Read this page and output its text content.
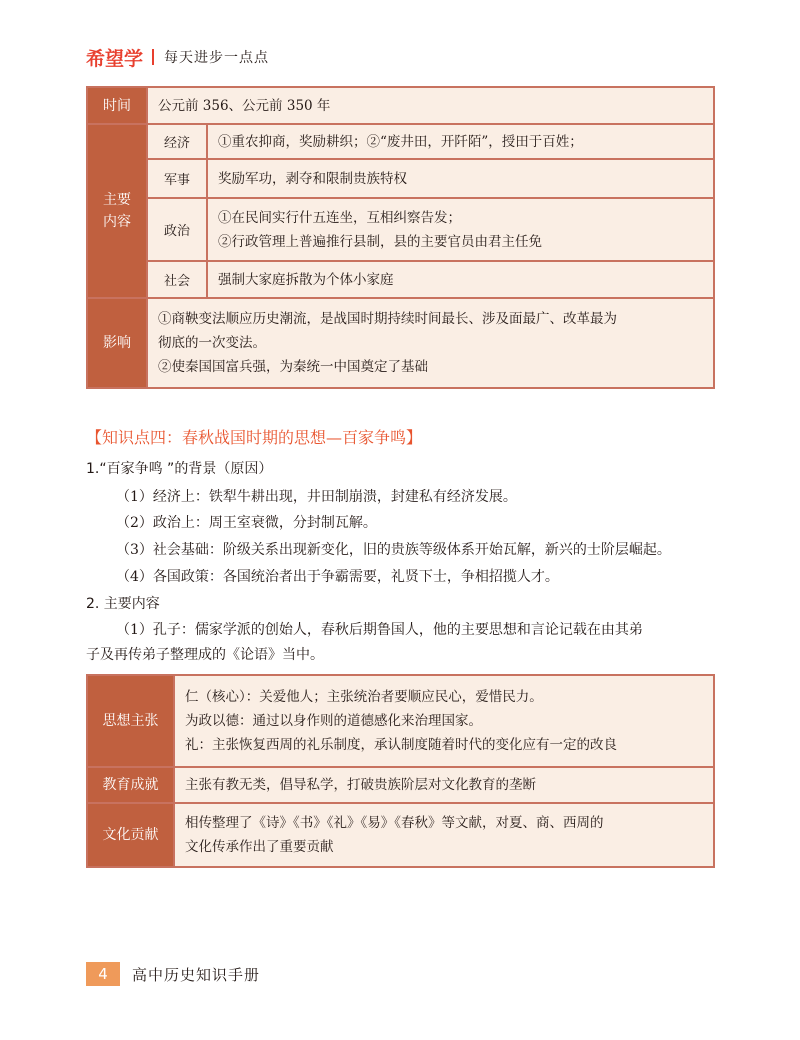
希望学 每天进步一点点
时间	公元前 356、公元前 350 年	

主要内容	经济	①重农抑商，奖励耕织；②“废井田，开阡陌”，授田于百姓；

	军事	奖励军功，剥夺和限制贵族特权

	政治	①在民间实行什五连坐，互相纠察告发；
②行政管理上普遍推行县制，县的主要官员由君主任免

	社会	强制大家庭拆散为个体小家庭

影响	①商鞅变法顺应历史潮流，是战国时期持续时间最长、涉及面最广、改革最为
彻底的一次变法。
②使秦国国富兵强，为秦统一中国奠定了基础	
【知识点四：春秋战国时期的思想—百家争鸣】
1.“百家争鸣 ”的背景（原因）
（1）经济上：铁犁牛耕出现，井田制崩溃，封建私有经济发展。
（2）政治上：周王室衰微，分封制瓦解。
（3）社会基础：阶级关系出现新变化，旧的贵族等级体系开始瓦解，新兴的士阶层崛起。
（4）各国政策：各国统治者出于争霸需要，礼贤下士，争相招揽人才。
2. 主要内容
（1）孔子：儒家学派的创始人，春秋后期鲁国人，他的主要思想和言论记载在由其弟
子及再传弟子整理成的《论语》当中。
思想主张	仁（核心）：关爱他人；主张统治者要顺应民心，爱惜民力。
为政以德：通过以身作则的道德感化来治理国家。
礼：主张恢复西周的礼乐制度，承认制度随着时代的变化应有一定的改良

教育成就	主张有教无类，倡导私学，打破贵族阶层对文化教育的垄断

文化贡献	相传整理了《诗》《书》《礼》《易》《春秋》等文献，对夏、商、西周的
文化传承作出了重要贡献
4	高中历史知识手册
